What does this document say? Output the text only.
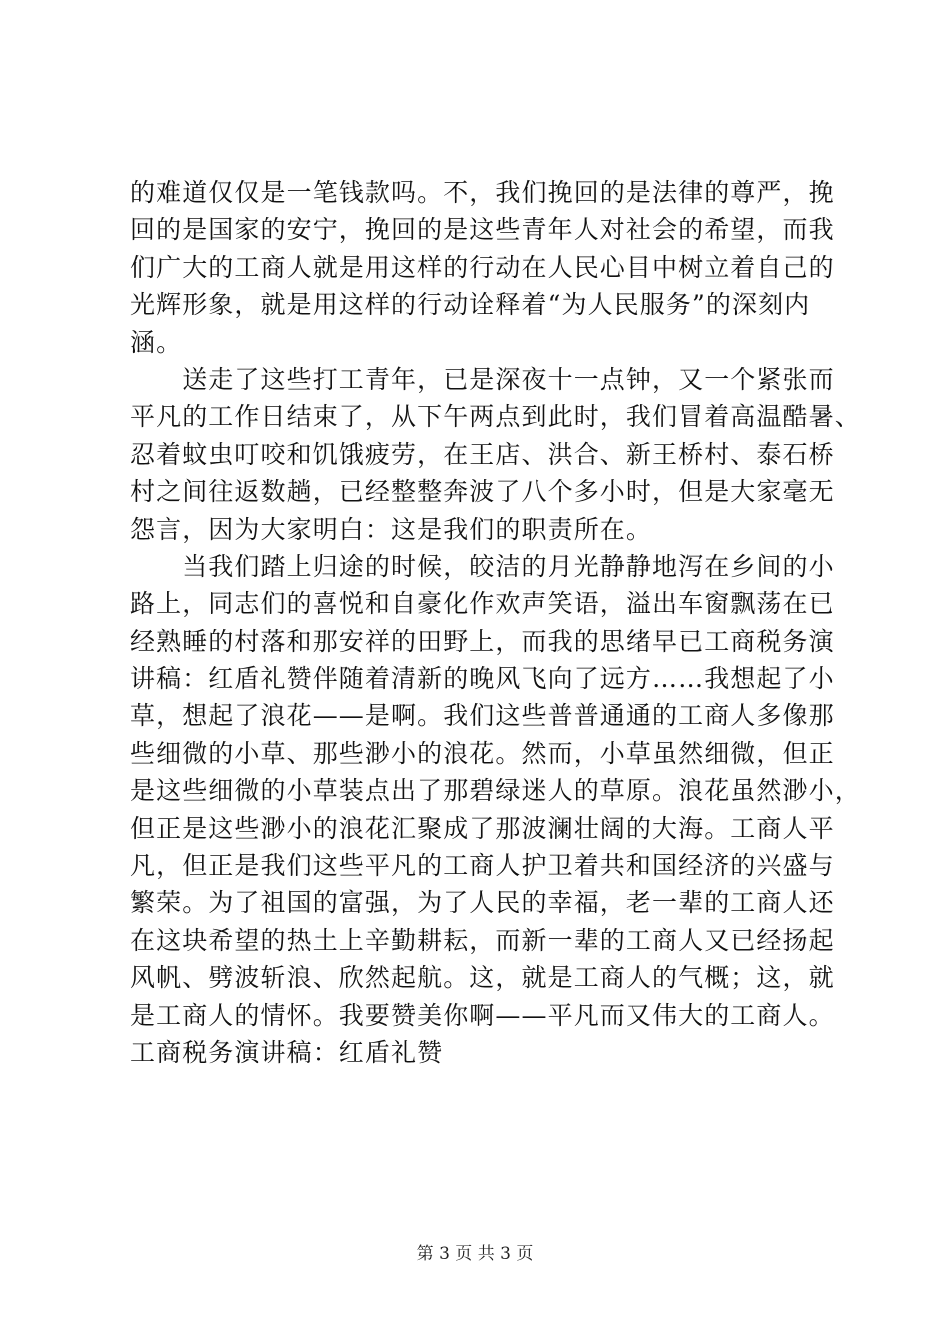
的难道仅仅是一笔钱款吗。不，我们挽回的是法律的尊严，挽
回的是国家的安宁，挽回的是这些青年人对社会的希望，而我
们广大的工商人就是用这样的行动在人民心目中树立着自己的
光辉形象，就是用这样的行动诠释着“为人民服务”的深刻内
涵。
　　送走了这些打工青年，已是深夜十一点钟，又一个紧张而
平凡的工作日结束了，从下午两点到此时，我们冒着高温酷暑、
忍着蚊虫叮咬和饥饿疲劳，在王店、洪合、新王桥村、泰石桥
村之间往返数趟，已经整整奔波了八个多小时，但是大家毫无
怨言，因为大家明白：这是我们的职责所在。
　　当我们踏上归途的时候，皎洁的月光静静地泻在乡间的小
路上，同志们的喜悦和自豪化作欢声笑语，溢出车窗飘荡在已
经熟睡的村落和那安祥的田野上，而我的思绪早已工商税务演
讲稿：红盾礼赞伴随着清新的晚风飞向了远方……我想起了小
草，想起了浪花——是啊。我们这些普普通通的工商人多像那
些细微的小草、那些渺小的浪花。然而，小草虽然细微，但正
是这些细微的小草装点出了那碧绿迷人的草原。浪花虽然渺小，
但正是这些渺小的浪花汇聚成了那波澜壮阔的大海。工商人平
凡，但正是我们这些平凡的工商人护卫着共和国经济的兴盛与
繁荣。为了祖国的富强，为了人民的幸福，老一辈的工商人还
在这块希望的热土上辛勤耕耘，而新一辈的工商人又已经扬起
风帆、劈波斩浪、欣然起航。这，就是工商人的气概；这，就
是工商人的情怀。我要赞美你啊——平凡而又伟大的工商人。
工商税务演讲稿：红盾礼赞
第 3 页 共 3 页
